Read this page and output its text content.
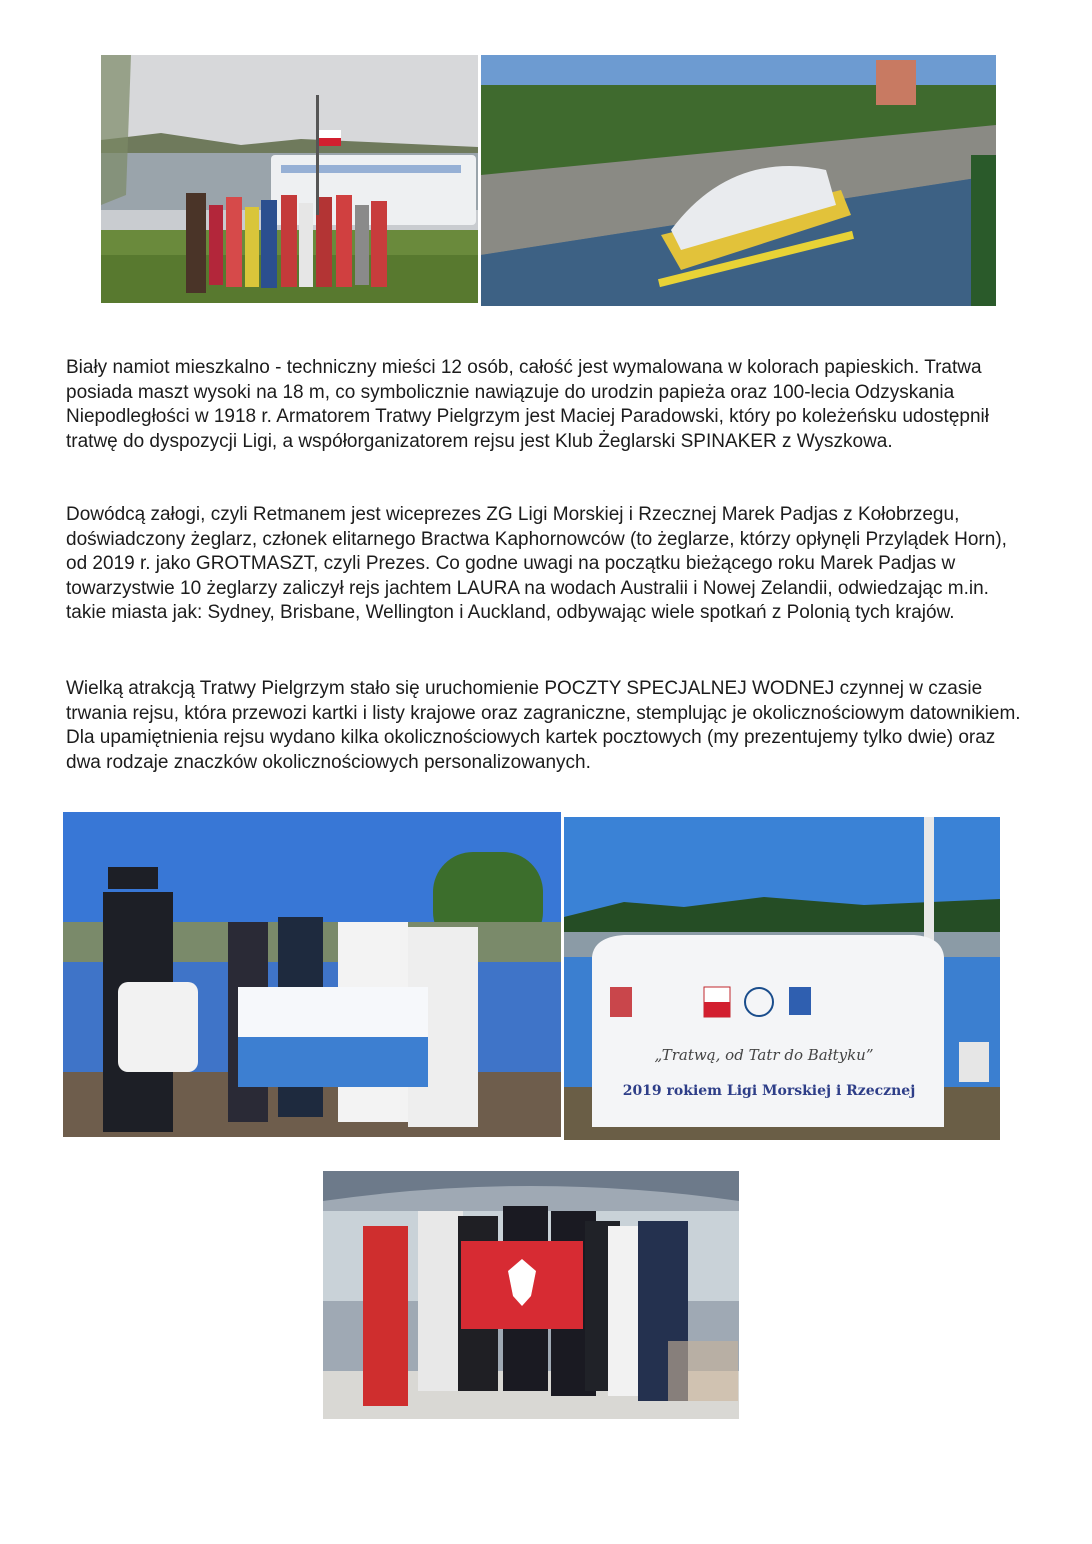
Biały namiot mieszkalno - techniczny mieści 12 osób, całość jest wymalowana w kolorach papieskich. Tratwa posiada maszt wysoki na 18 m, co symbolicznie nawiązuje do urodzin papieża oraz 100-lecia Odzyskania Niepodległości w 1918 r. Armatorem Tratwy Pielgrzym jest Maciej Paradowski, który po koleżeńsku udostępnił tratwę do dyspozycji Ligi, a współorganizatorem rejsu jest Klub Żeglarski SPINAKER z Wyszkowa.

Dowódcą załogi, czyli Retmanem jest wiceprezes ZG Ligi Morskiej i Rzecznej Marek Padjas z Kołobrzegu, doświadczony żeglarz, członek elitarnego Bractwa Kaphornowców (to żeglarze, którzy opłynęli Przylądek Horn), od 2019 r. jako GROTMASZT, czyli Prezes. Co godne uwagi na początku bieżącego roku Marek Padjas w towarzystwie 10 żeglarzy zaliczył rejs jachtem LAURA na wodach Australii i Nowej Zelandii, odwiedzając m.in. takie miasta jak: Sydney, Brisbane, Wellington i Auckland, odbywając wiele spotkań z Polonią tych krajów.

Wielką atrakcją Tratwy Pielgrzym stało się uruchomienie POCZTY SPECJALNEJ WODNEJ czynnej w czasie trwania rejsu, która przewozi kartki i listy krajowe oraz zagraniczne, stemplując je okolicznościowym datownikiem. Dla upamiętnienia rejsu wydano kilka okolicznościowych kartek pocztowych (my prezentujemy tylko dwie) oraz dwa rodzaje znaczków okolicznościowych personalizowanych.

„Tratwą, od Tatr do Bałtyku”
2019 rokiem Ligi Morskiej i Rzecznej
